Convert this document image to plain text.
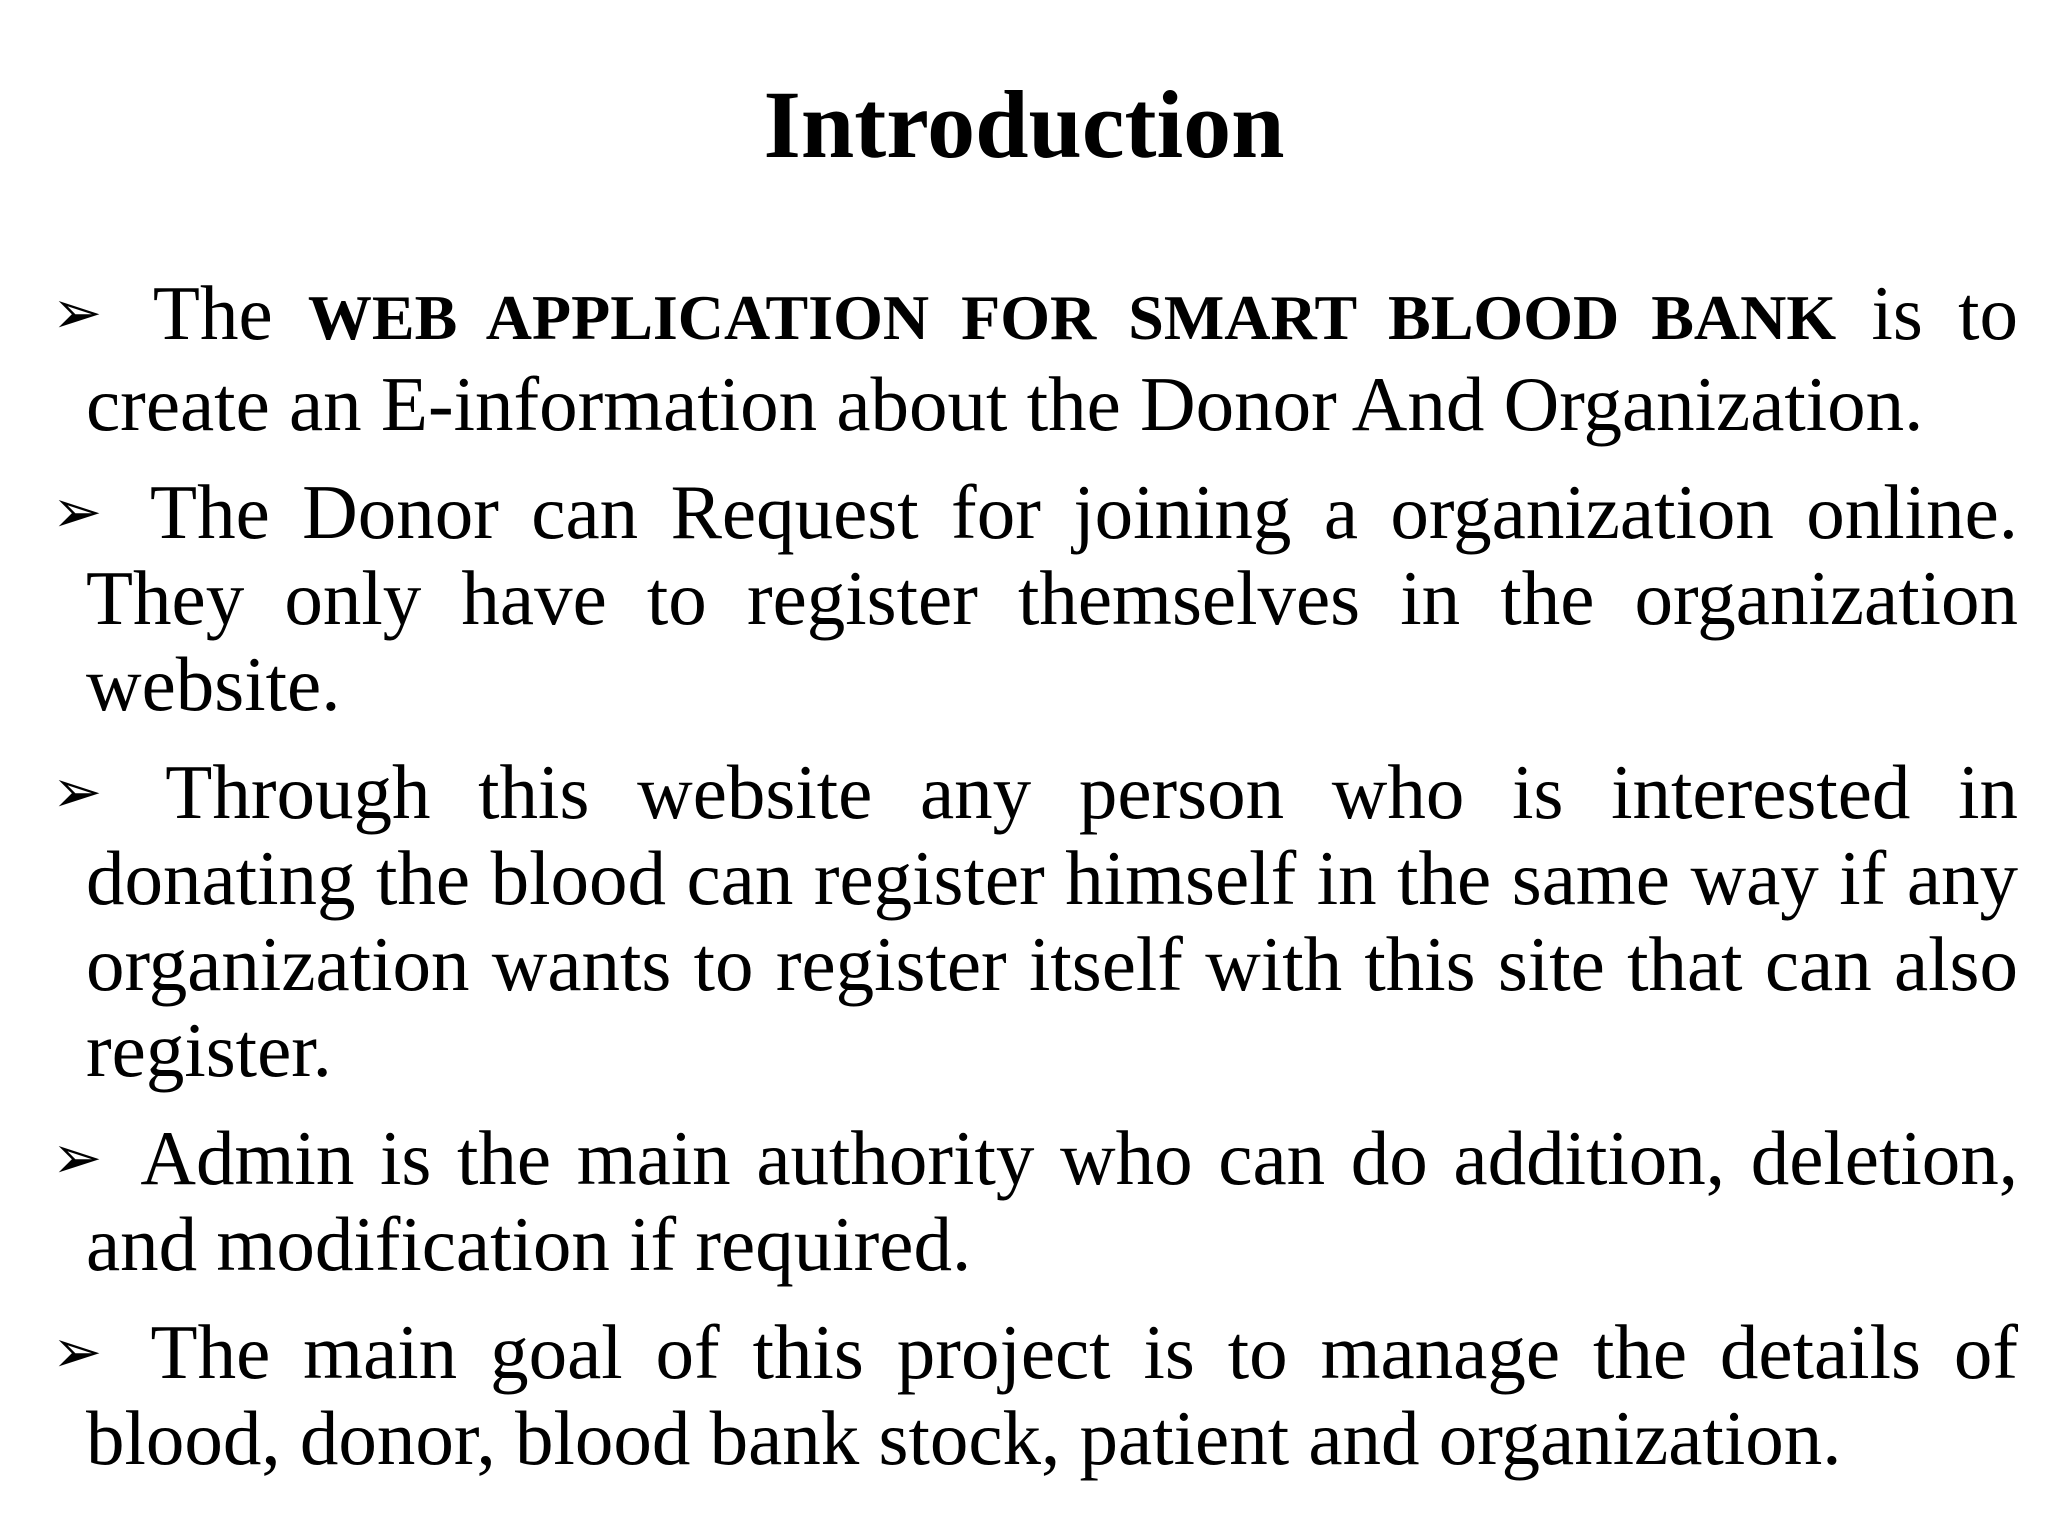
Introduction
➢ The WEB APPLICATION FOR SMART BLOOD BANK is to create an E-information about the Donor And Organization.
➢ The Donor can Request for joining a organization online. They only have to register themselves in the organization website.
➢ Through this website any person who is interested in donating the blood can register himself in the same way if any organization wants to register itself with this site that can also register.
➢ Admin is the main authority who can do addition, deletion, and modification if required.
➢ The main goal of this project is to manage the details of blood, donor, blood bank stock, patient and organization.
